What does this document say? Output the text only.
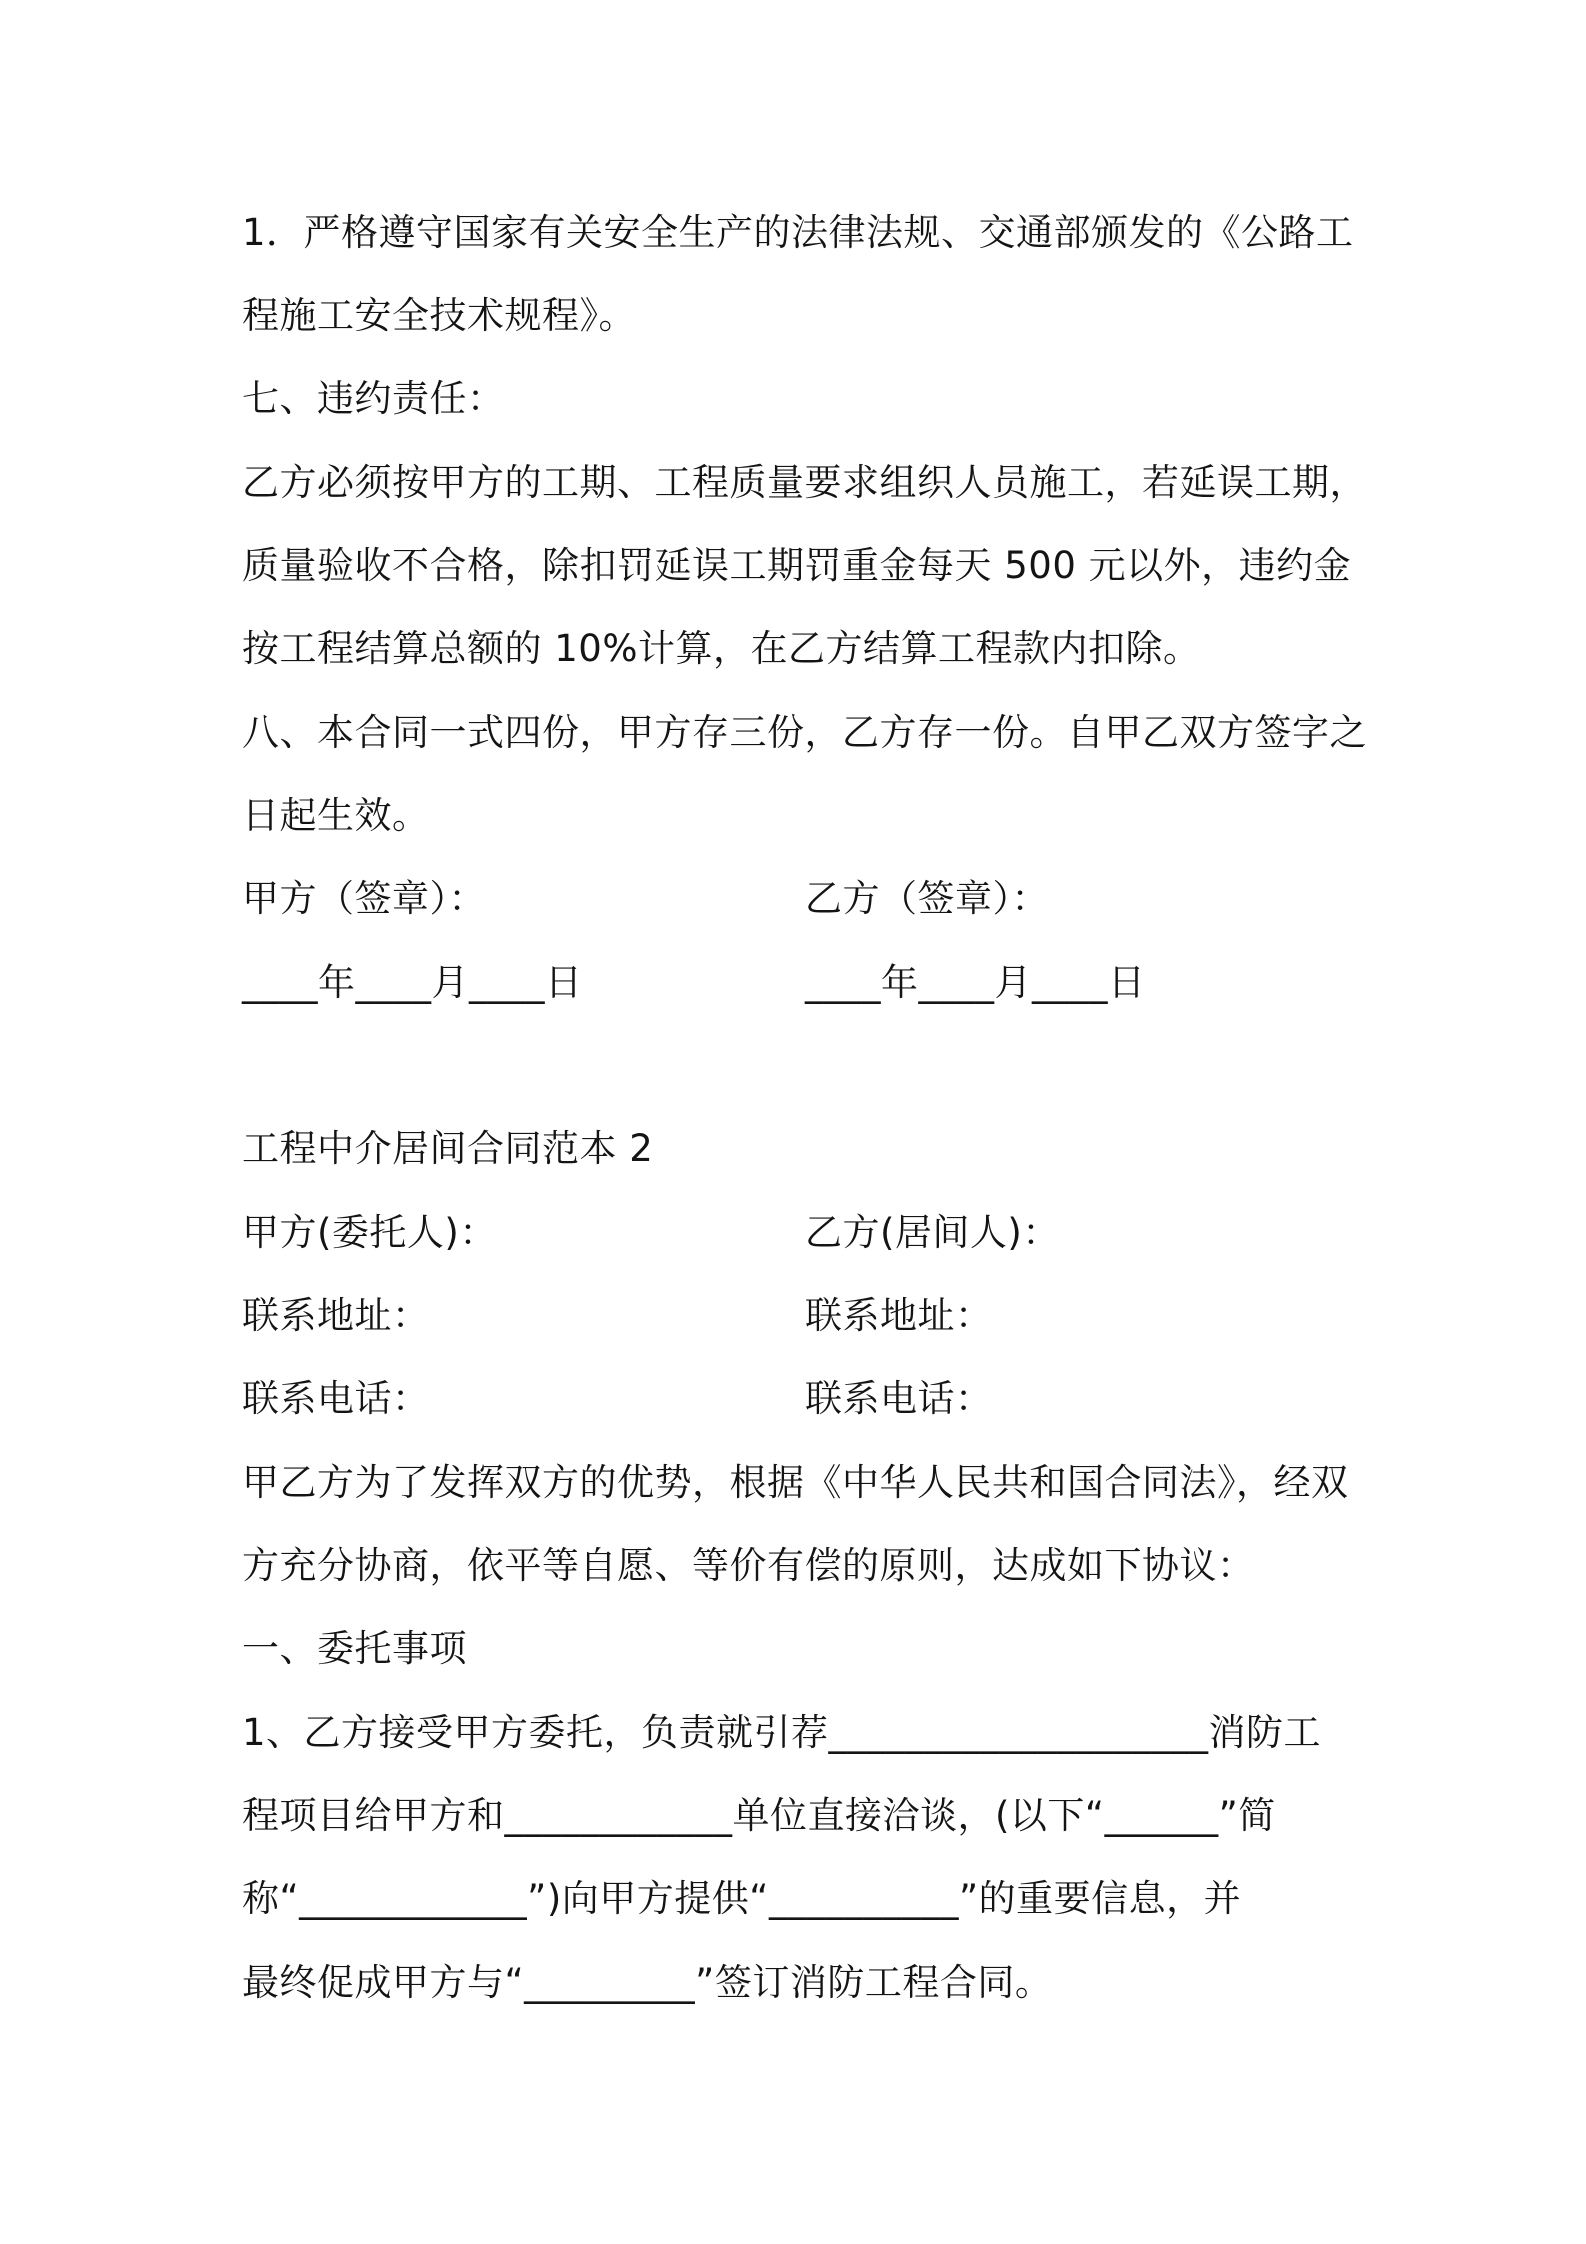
1．严格遵守国家有关安全生产的法律法规、交通部颁发的《公路工
程施工安全技术规程》。
七、违约责任：
乙方必须按甲方的工期、工程质量要求组织人员施工，若延误工期，
质量验收不合格，除扣罚延误工期罚重金每天 500 元以外，违约金
按工程结算总额的 10%计算，在乙方结算工程款内扣除。
八、本合同一式四份，甲方存三份，乙方存一份。自甲乙双方签字之
日起生效。
甲方（签章）：	乙方（签章）：
____年____月____日	____年____月____日
工程中介居间合同范本 2
甲方(委托人)：	乙方(居间人)：
联系地址：	联系地址：
联系电话：	联系电话：
甲乙方为了发挥双方的优势，根据《中华人民共和国合同法》，经双
方充分协商，依平等自愿、等价有偿的原则，达成如下协议：
一、委托事项
1、乙方接受甲方委托，负责就引荐____________________消防工
程项目给甲方和____________单位直接洽谈，(以下“______”简
称“____________”)向甲方提供“__________”的重要信息，并
最终促成甲方与“_________”签订消防工程合同。
